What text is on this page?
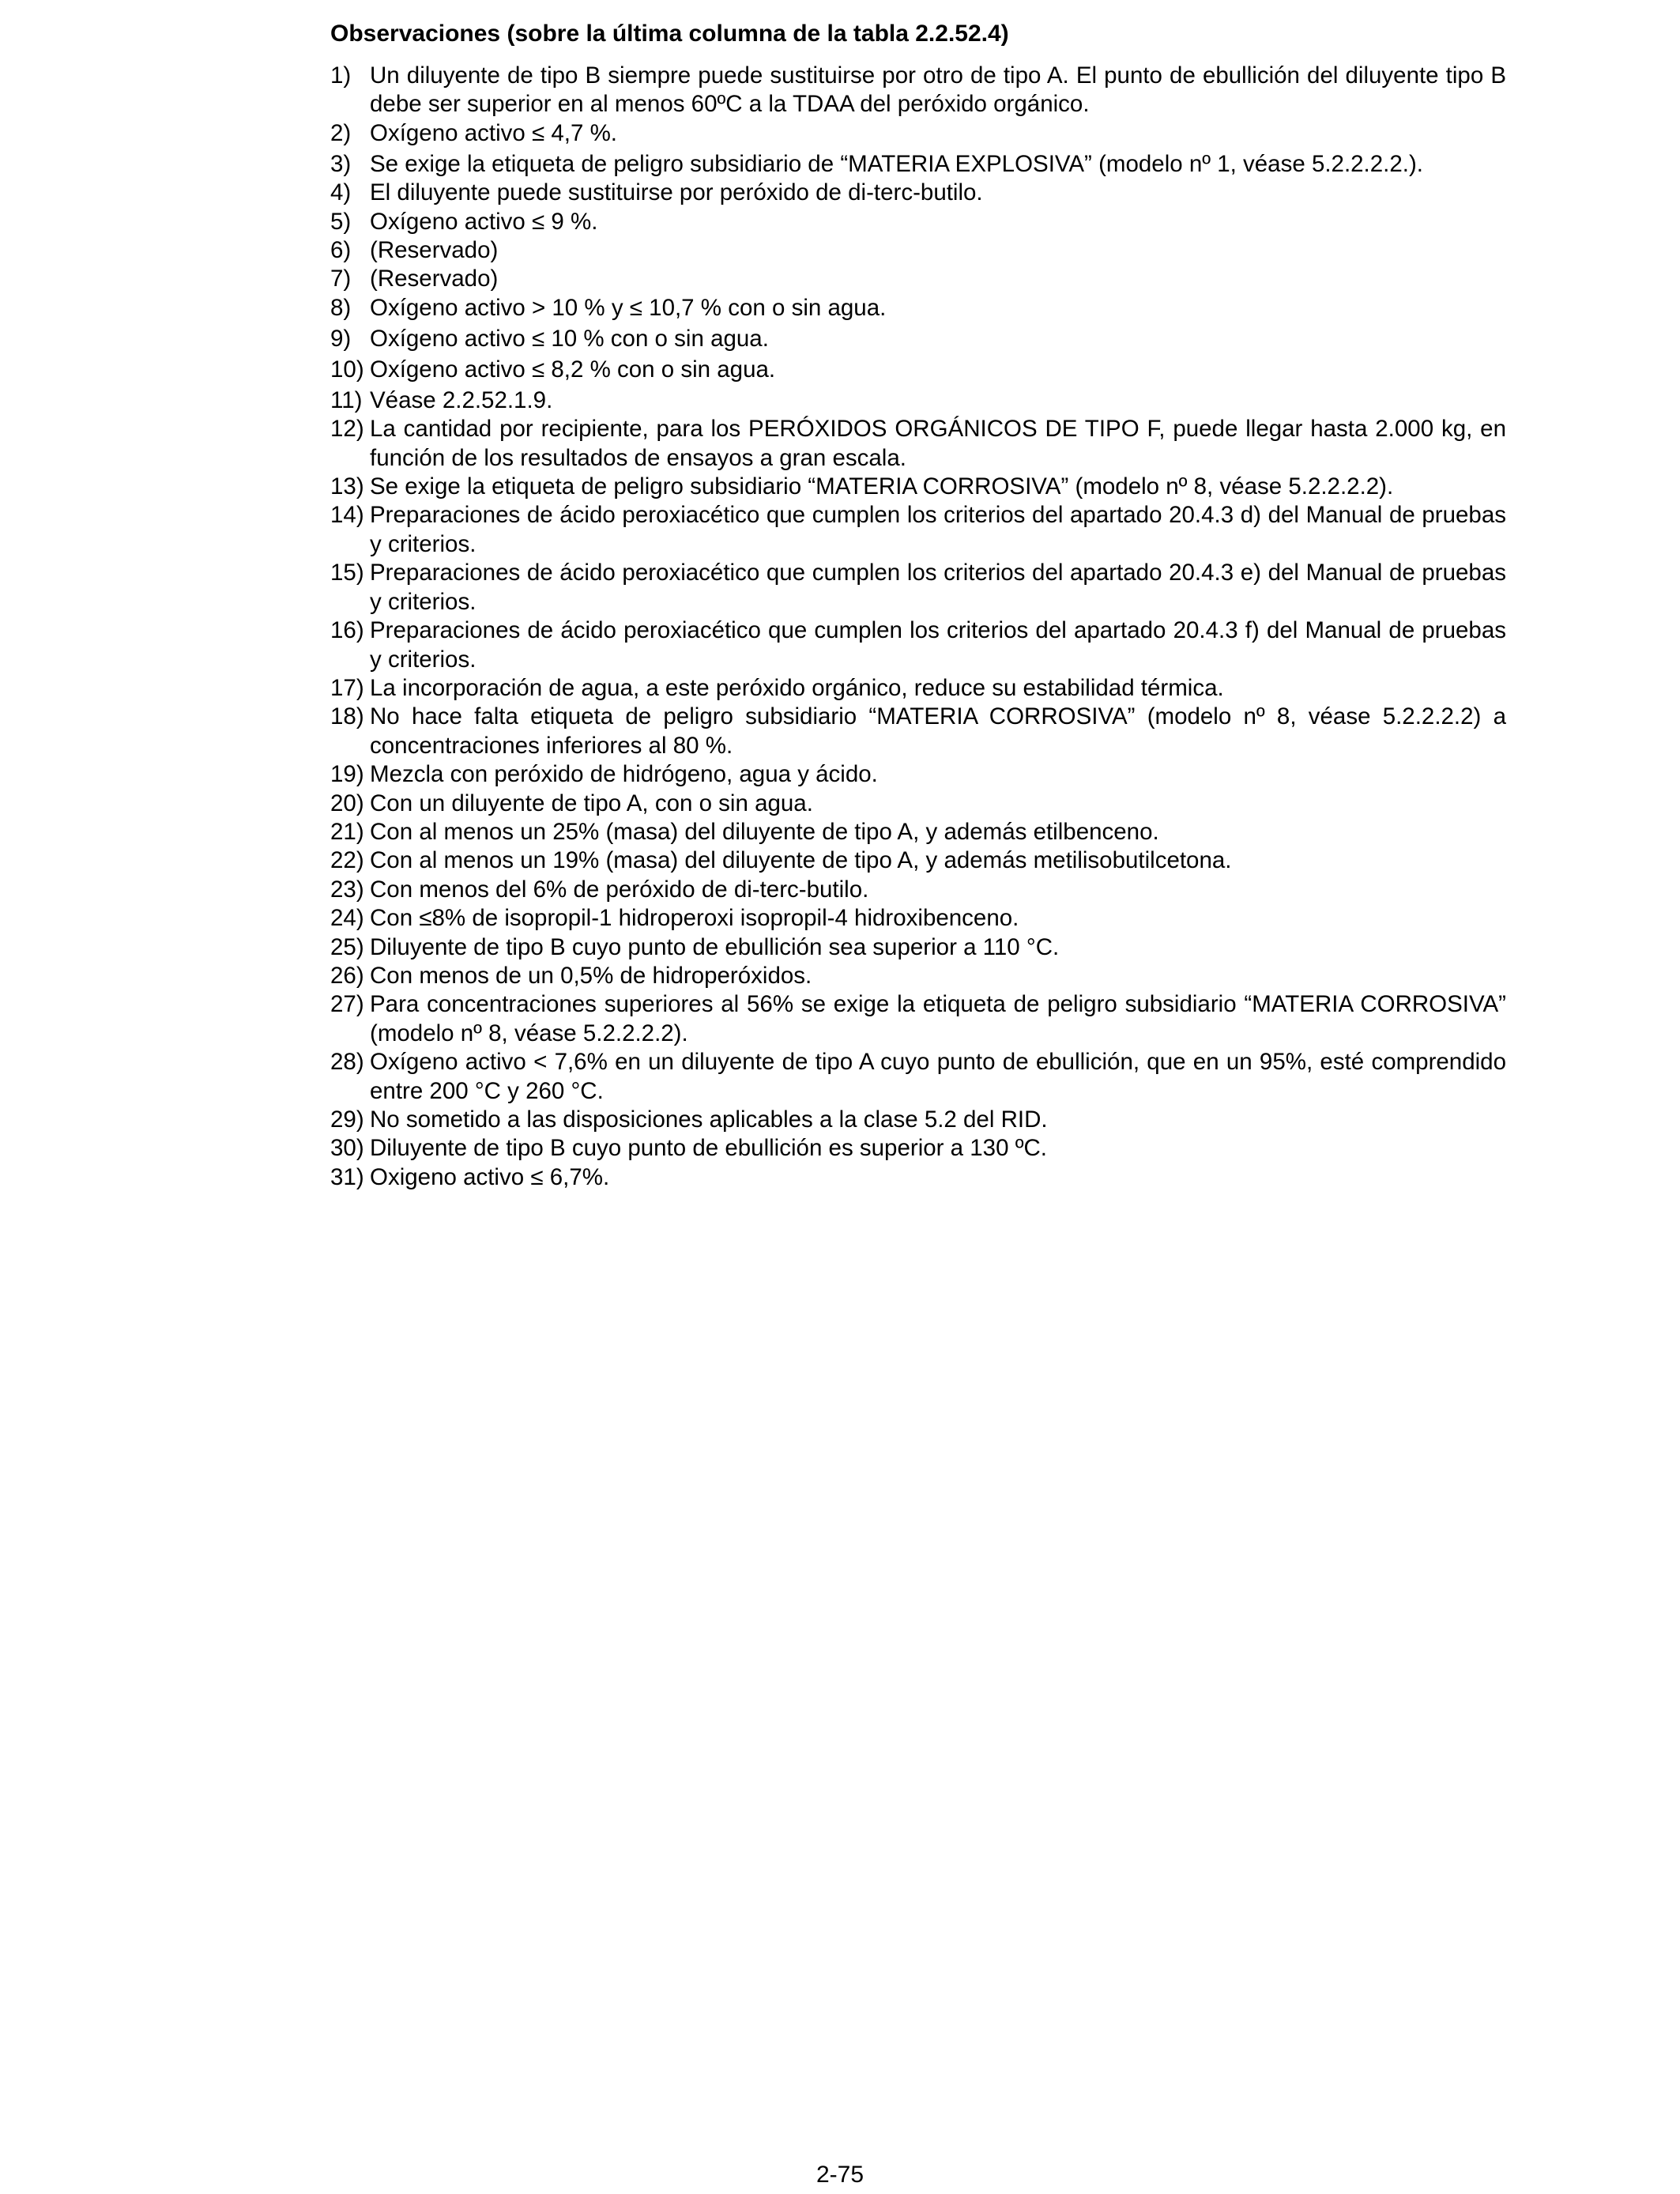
Observaciones (sobre la última columna de la tabla 2.2.52.4)
1) Un diluyente de tipo B siempre puede sustituirse por otro de tipo A. El punto de ebullición del diluyente tipo B debe ser superior en al menos 60ºC a la TDAA del peróxido orgánico.
2) Oxígeno activo ≤ 4,7 %.
3) Se exige la etiqueta de peligro subsidiario de “MATERIA EXPLOSIVA” (modelo nº 1, véase 5.2.2.2.2.).
4) El diluyente puede sustituirse por peróxido de di-terc-butilo.
5) Oxígeno activo ≤ 9 %.
6) (Reservado)
7) (Reservado)
8) Oxígeno activo > 10 % y ≤ 10,7 % con o sin agua.
9) Oxígeno activo ≤ 10 % con o sin agua.
10) Oxígeno activo ≤ 8,2 % con o sin agua.
11) Véase 2.2.52.1.9.
12) La cantidad por recipiente, para los PERÓXIDOS ORGÁNICOS DE TIPO F, puede llegar hasta 2.000 kg, en función de los resultados de ensayos a gran escala.
13) Se exige la etiqueta de peligro subsidiario “MATERIA CORROSIVA” (modelo nº 8, véase 5.2.2.2.2).
14) Preparaciones de ácido peroxiacético que cumplen los criterios del apartado 20.4.3 d) del Manual de pruebas y criterios.
15) Preparaciones de ácido peroxiacético que cumplen los criterios del apartado 20.4.3 e) del Manual de pruebas y criterios.
16) Preparaciones de ácido peroxiacético que cumplen los criterios del apartado 20.4.3 f) del Manual de pruebas y criterios.
17) La incorporación de agua, a este peróxido orgánico, reduce su estabilidad térmica.
18) No hace falta etiqueta de peligro subsidiario “MATERIA CORROSIVA” (modelo nº 8, véase 5.2.2.2.2) a concentraciones inferiores al 80 %.
19) Mezcla con peróxido de hidrógeno, agua y ácido.
20) Con un diluyente de tipo A, con o sin agua.
21) Con al menos un 25% (masa) del diluyente de tipo A, y además etilbenceno.
22) Con al menos un 19% (masa) del diluyente de tipo A, y además metilisobutilcetona.
23) Con menos del 6% de peróxido de di-terc-butilo.
24) Con ≤8% de isopropil-1 hidroperoxi isopropil-4 hidroxibenceno.
25) Diluyente de tipo B cuyo punto de ebullición sea superior a 110 °C.
26) Con menos de un 0,5% de hidroperóxidos.
27) Para concentraciones superiores al 56% se exige la etiqueta de peligro subsidiario “MATERIA CORROSIVA” (modelo nº 8, véase 5.2.2.2.2).
28) Oxígeno activo < 7,6% en un diluyente de tipo A cuyo punto de ebullición, que en un 95%, esté comprendido entre 200 °C y 260 °C.
29) No sometido a las disposiciones aplicables a la clase 5.2 del RID.
30) Diluyente de tipo B cuyo punto de ebullición es superior a 130 ºC.
31) Oxigeno activo ≤ 6,7%.
2-75
